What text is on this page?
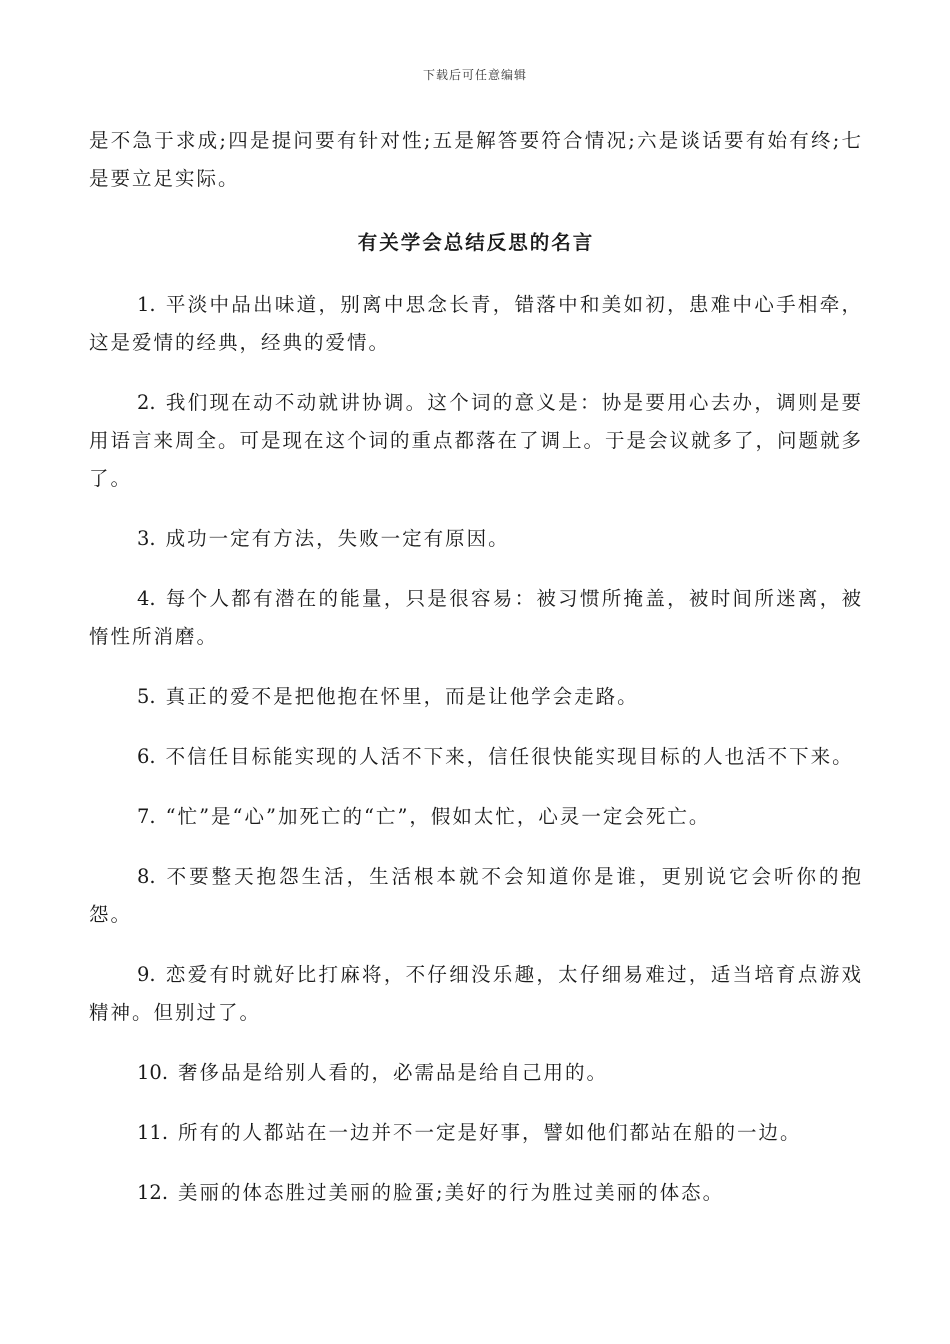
下载后可任意编辑

是不急于求成;四是提问要有针对性;五是解答要符合情况;六是谈话要有始有终;七是要立足实际。

有关学会总结反思的名言

1. 平淡中品出味道，别离中思念长青，错落中和美如初，患难中心手相牵，这是爱情的经典，经典的爱情。

2. 我们现在动不动就讲协调。这个词的意义是：协是要用心去办，调则是要用语言来周全。可是现在这个词的重点都落在了调上。于是会议就多了，问题就多了。

3. 成功一定有方法，失败一定有原因。

4. 每个人都有潜在的能量，只是很容易：被习惯所掩盖，被时间所迷离，被惰性所消磨。

5. 真正的爱不是把他抱在怀里，而是让他学会走路。

6. 不信任目标能实现的人活不下来，信任很快能实现目标的人也活不下来。

7. “忙”是“心”加死亡的“亡”，假如太忙，心灵一定会死亡。

8. 不要整天抱怨生活，生活根本就不会知道你是谁，更别说它会听你的抱怨。

9. 恋爱有时就好比打麻将，不仔细没乐趣，太仔细易难过，适当培育点游戏精神。但别过了。

10. 奢侈品是给别人看的，必需品是给自己用的。

11. 所有的人都站在一边并不一定是好事，譬如他们都站在船的一边。

12. 美丽的体态胜过美丽的脸蛋;美好的行为胜过美丽的体态。
